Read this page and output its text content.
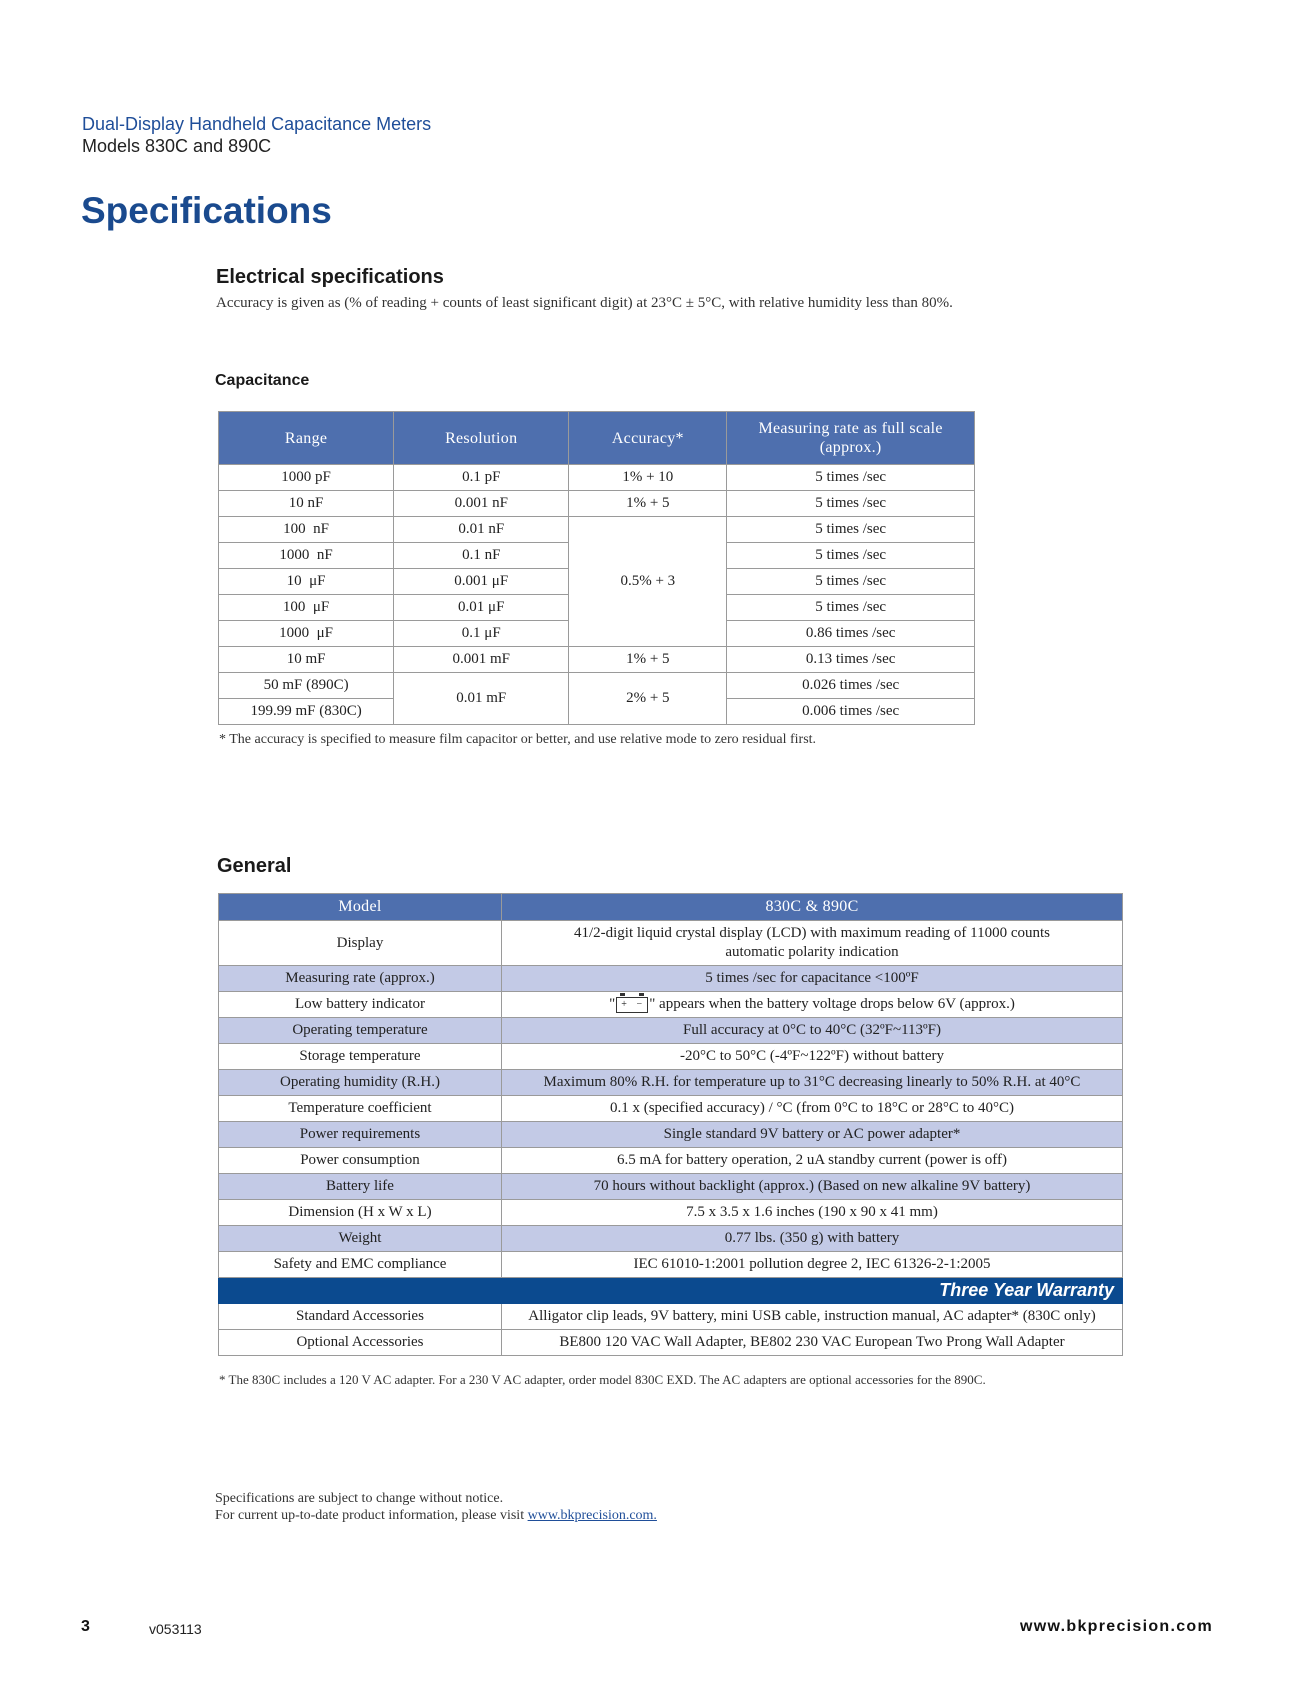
Dual-Display Handheld Capacitance Meters
Models 830C and 890C
Specifications
Electrical specifications
Accuracy is given as (% of reading + counts of least significant digit) at 23°C ± 5°C, with relative humidity less than 80%.
Capacitance
Range	Resolution	Accuracy*	Measuring rate as full scale
(approx.)
1000 pF	0.1 pF	1% + 10	5 times /sec
10 nF	0.001 nF	1% + 5	5 times /sec
100  nF	0.01 nF	0.5% + 3	5 times /sec
1000  nF	0.1 nF		5 times /sec
10  μF	0.001 μF		5 times /sec
100  μF	0.01 μF		5 times /sec
1000  μF	0.1 μF		0.86 times /sec
10 mF	0.001 mF	1% + 5	0.13 times /sec
50 mF (890C)	0.01 mF	2% + 5	0.026 times /sec
199.99 mF (830C)			0.006 times /sec
* The accuracy is specified to measure film capacitor or better, and use relative mode to zero residual first.
General
Model	830C & 890C
Display	41/2-digit liquid crystal display (LCD) with maximum reading of 11000 counts
automatic polarity indication
Measuring rate (approx.)	5 times /sec for capacitance <100ºF
Low battery indicator	" + − " appears when the battery voltage drops below 6V (approx.)
Operating temperature	Full accuracy at 0°C to 40°C (32ºF~113ºF)
Storage temperature	-20°C to 50°C (-4ºF~122ºF) without battery
Operating humidity (R.H.)	Maximum 80% R.H. for temperature up to 31°C decreasing linearly to 50% R.H. at 40°C
Temperature coefficient	0.1 x (specified accuracy) / °C (from 0°C to 18°C or 28°C to 40°C)
Power requirements	Single standard 9V battery or AC power adapter*
Power consumption	6.5 mA for battery operation, 2 uA standby current (power is off)
Battery life	70 hours without backlight (approx.) (Based on new alkaline 9V battery)
Dimension (H x W x L)	7.5 x 3.5 x 1.6 inches (190 x 90 x 41 mm)
Weight	0.77 lbs. (350 g) with battery
Safety and EMC compliance	IEC 61010-1:2001 pollution degree 2, IEC 61326-2-1:2005
Three Year Warranty	
Standard Accessories	Alligator clip leads, 9V battery, mini USB cable, instruction manual, AC adapter* (830C only)
Optional Accessories	BE800 120 VAC Wall Adapter, BE802 230 VAC European Two Prong Wall Adapter
* The 830C includes a 120 V AC adapter. For a 230 V AC adapter, order model 830C EXD. The AC adapters are optional accessories for the 890C.
Specifications are subject to change without notice.
For current up-to-date product information, please visit www.bkprecision.com.
3	v053113	www.bkprecision.com
